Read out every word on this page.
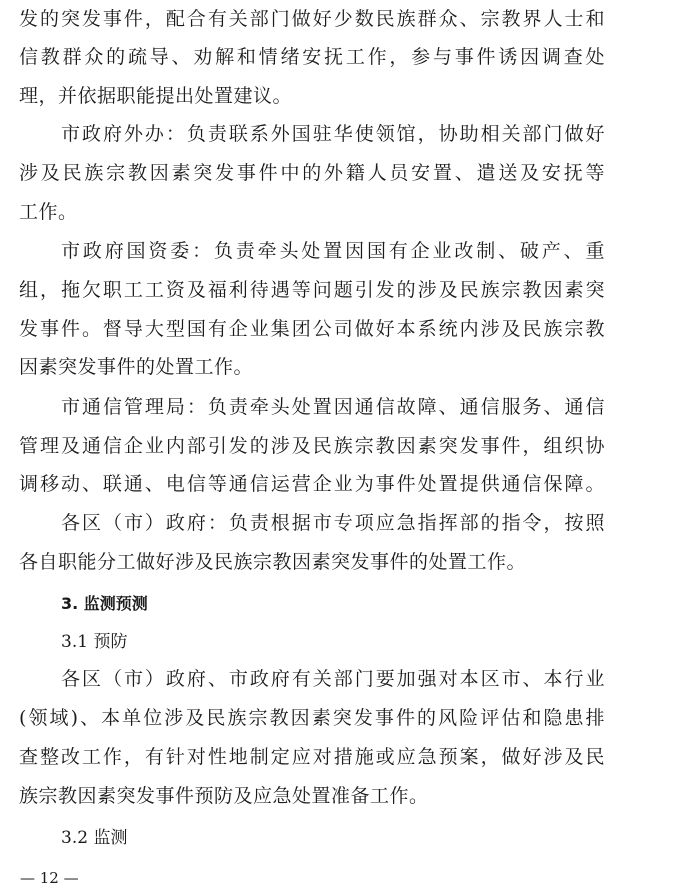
发的突发事件，配合有关部门做好少数民族群众、宗教界人士和
信教群众的疏导、劝解和情绪安抚工作，参与事件诱因调查处
理，并依据职能提出处置建议。
市政府外办：负责联系外国驻华使领馆，协助相关部门做好
涉及民族宗教因素突发事件中的外籍人员安置、遣送及安抚等
工作。
市政府国资委：负责牵头处置因国有企业改制、破产、重
组，拖欠职工工资及福利待遇等问题引发的涉及民族宗教因素突
发事件。督导大型国有企业集团公司做好本系统内涉及民族宗教
因素突发事件的处置工作。
市通信管理局：负责牵头处置因通信故障、通信服务、通信
管理及通信企业内部引发的涉及民族宗教因素突发事件，组织协
调移动、联通、电信等通信运营企业为事件处置提供通信保障。
各区（市）政府：负责根据市专项应急指挥部的指令，按照
各自职能分工做好涉及民族宗教因素突发事件的处置工作。
3. 监测预测
3.1 预防
各区（市）政府、市政府有关部门要加强对本区市、本行业
(领域)、本单位涉及民族宗教因素突发事件的风险评估和隐患排
查整改工作，有针对性地制定应对措施或应急预案，做好涉及民
族宗教因素突发事件预防及应急处置准备工作。
3.2 监测
— 12 —
